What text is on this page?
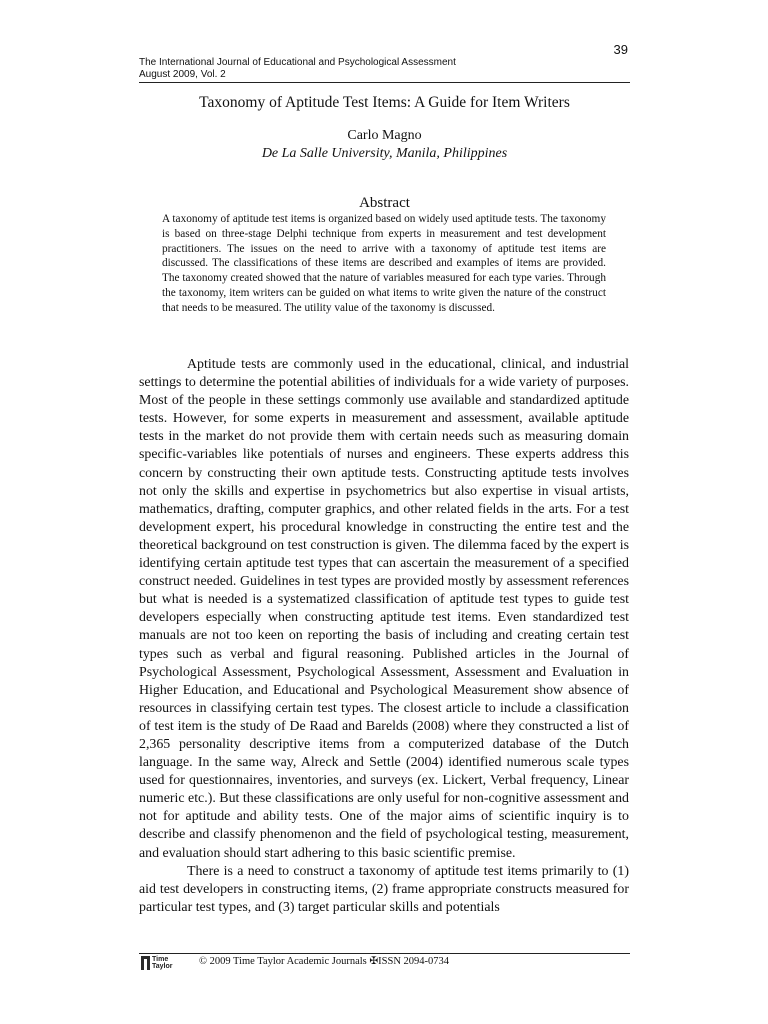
39
The International Journal of Educational and Psychological Assessment
August 2009, Vol. 2
Taxonomy of Aptitude Test Items: A Guide for Item Writers
Carlo Magno
De La Salle University, Manila, Philippines
Abstract

A taxonomy of aptitude test items is organized based on widely used aptitude tests. The taxonomy is based on three-stage Delphi technique from experts in measurement and test development practitioners. The issues on the need to arrive with a taxonomy of aptitude test items are discussed. The classifications of these items are described and examples of items are provided. The taxonomy created showed that the nature of variables measured for each type varies. Through the taxonomy, item writers can be guided on what items to write given the nature of the construct that needs to be measured. The utility value of the taxonomy is discussed.

Aptitude tests are commonly used in the educational, clinical, and industrial settings to determine the potential abilities of individuals for a wide variety of purposes. Most of the people in these settings commonly use available and standardized aptitude tests. However, for some experts in measurement and assessment, available aptitude tests in the market do not provide them with certain needs such as measuring domain specific-variables like potentials of nurses and engineers. These experts address this concern by constructing their own aptitude tests. Constructing aptitude tests involves not only the skills and expertise in psychometrics but also expertise in visual artists, mathematics, drafting, computer graphics, and other related fields in the arts. For a test development expert, his procedural knowledge in constructing the entire test and the theoretical background on test construction is given. The dilemma faced by the expert is identifying certain aptitude test types that can ascertain the measurement of a specified construct needed. Guidelines in test types are provided mostly by assessment references but what is needed is a systematized classification of aptitude test types to guide test developers especially when constructing aptitude test items. Even standardized test manuals are not too keen on reporting the basis of including and creating certain test types such as verbal and figural reasoning. Published articles in the Journal of Psychological Assessment, Psychological Assessment, Assessment and Evaluation in Higher Education, and Educational and Psychological Measurement show absence of resources in classifying certain test types. The closest article to include a classification of test item is the study of De Raad and Barelds (2008) where they constructed a list of 2,365 personality descriptive items from a computerized database of the Dutch language. In the same way, Alreck and Settle (2004) identified numerous scale types used for questionnaires, inventories, and surveys (ex. Lickert, Verbal frequency, Linear numeric etc.). But these classifications are only useful for non-cognitive assessment and not for aptitude and ability tests. One of the major aims of scientific inquiry is to describe and classify phenomenon and the field of psychological testing, measurement, and evaluation should start adhering to this basic scientific premise.

There is a need to construct a taxonomy of aptitude test items primarily to (1) aid test developers in constructing items, (2) frame appropriate constructs measured for particular test types, and (3) target particular skills and potentials

Time
Taylor	© 2009 Time Taylor Academic Journals ✠ISSN 2094-0734
